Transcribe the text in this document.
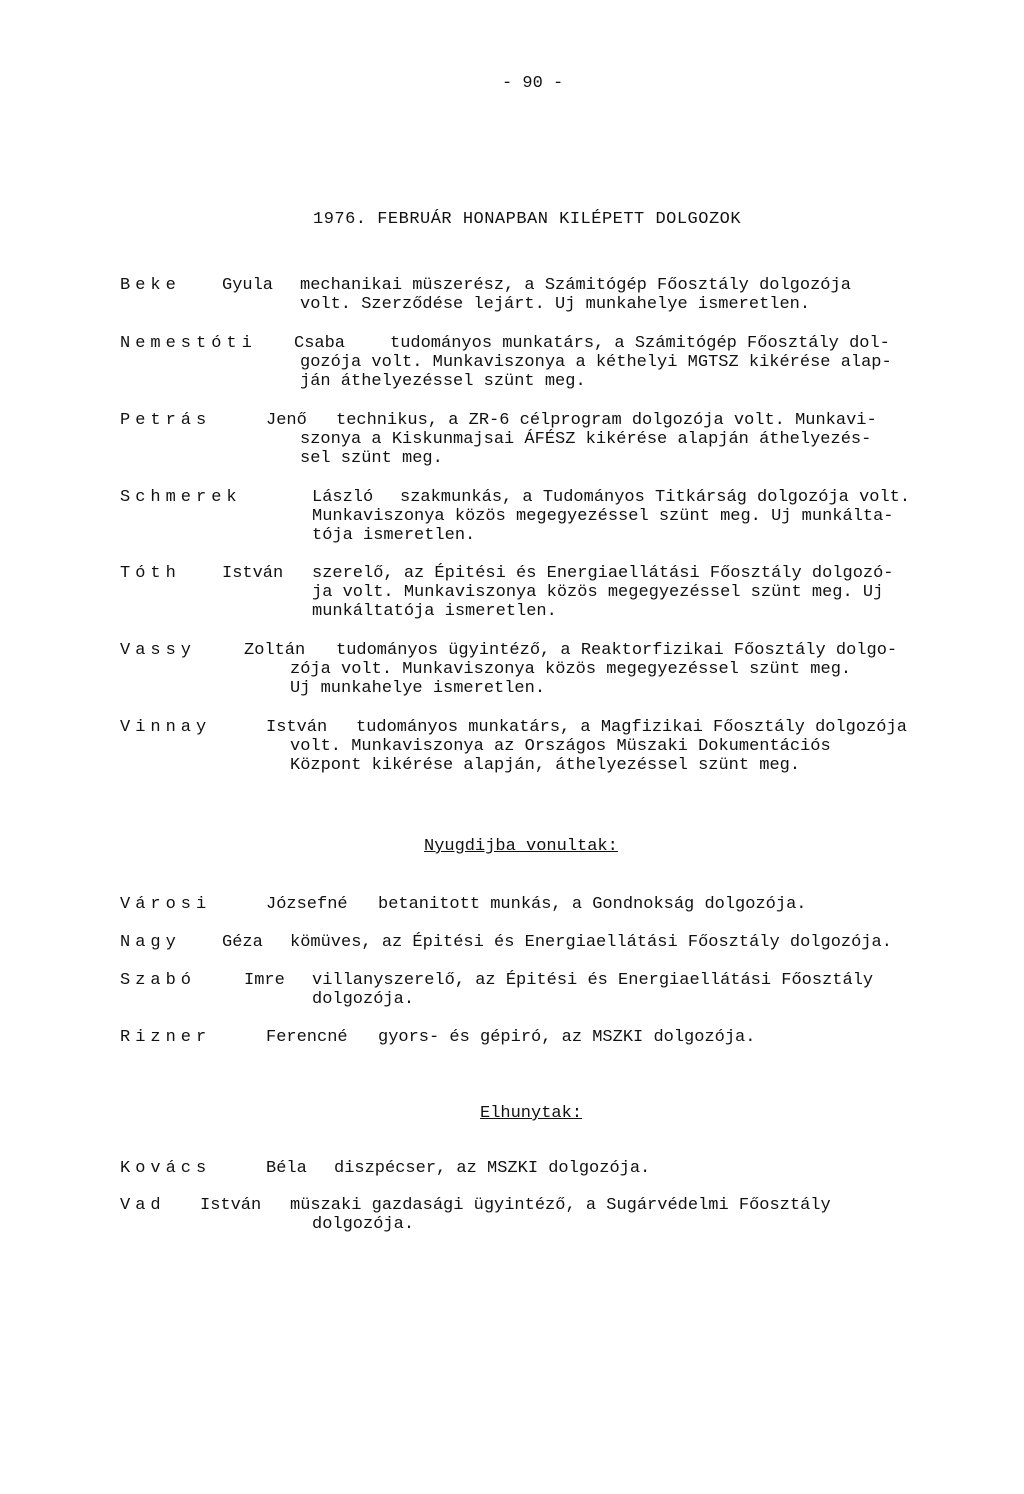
- 90 -
1976. FEBRUÁR HONAPBAN KILÉPETT DOLGOZOK
Beke Gyula mechanikai müszerész, a Számitógép Főosztály dolgozója
volt. Szerződése lejárt. Uj munkahelye ismeretlen.
Nemestóti Csaba	tudományos munkatárs, a Számitógép Főosztály dol-
gozója volt. Munkaviszonya a kéthelyi MGTSZ kikérése alap-
ján áthelyezéssel szünt meg.
Petrás	Jenő technikus, a ZR-6 célprogram dolgozója volt. Munkavi-
szonya a Kiskunmajsai ÁFÉSZ kikérése alapján áthelyezés-
sel szünt meg.
Schmerek	László szakmunkás, a Tudományos Titkárság dolgozója volt.
Munkaviszonya közös megegyezéssel szünt meg. Uj munkálta-
tója ismeretlen.
Tóth István szerelő, az Épitési és Energiaellátási Főosztály dolgozó-
ja volt. Munkaviszonya közös megegyezéssel szünt meg. Uj
munkáltatója ismeretlen.
Vassy	Zoltán tudományos ügyintéző, a Reaktorfizikai Főosztály dolgo-
zója volt. Munkaviszonya közös megegyezéssel szünt meg.
Uj munkahelye ismeretlen.
Vinnay	István tudományos munkatárs, a Magfizikai Főosztály dolgozója
volt. Munkaviszonya az Országos Müszaki Dokumentációs
Központ kikérése alapján, áthelyezéssel szünt meg.
Nyugdijba vonultak:
Városi	Józsefné betanitott munkás, a Gondnokság dolgozója.
Nagy Géza kömüves, az Épitési és Energiaellátási Főosztály dolgozója.
Szabó	Imre villanyszerelő, az Épitési és Energiaellátási Főosztály
dolgozója.
Rizner	Ferencné gyors- és gépiró, az MSZKI dolgozója.
Elhunytak:
Kovács	Béla diszpécser, az MSZKI dolgozója.
Vad István müszaki gazdasági ügyintéző, a Sugárvédelmi Főosztály
dolgozója.
